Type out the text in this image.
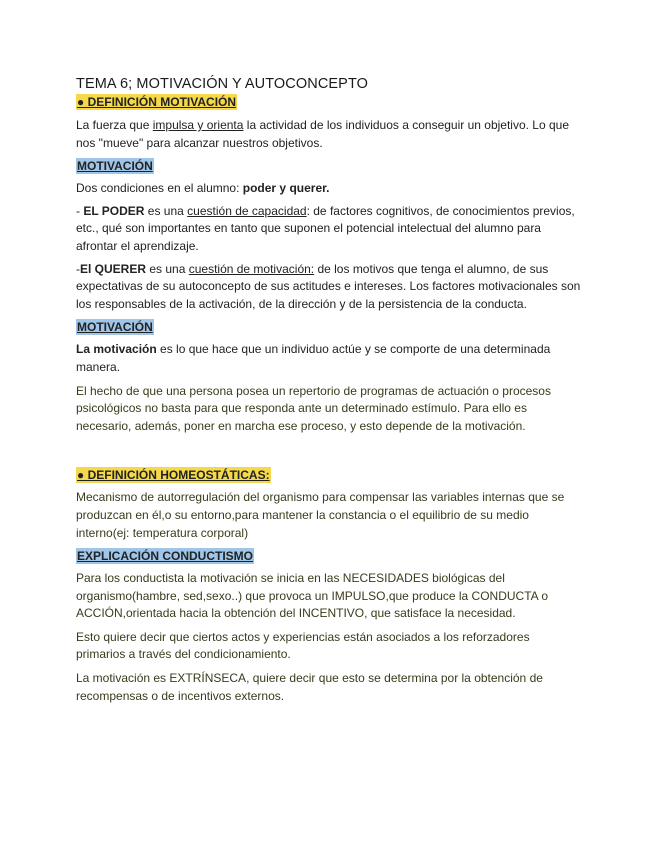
TEMA 6; MOTIVACIÓN Y AUTOCONCEPTO
● DEFINICIÓN MOTIVACIÓN

La fuerza que impulsa y orienta la actividad de los individuos a conseguir un objetivo. Lo que nos "mueve" para alcanzar nuestros objetivos.

MOTIVACIÓN

Dos condiciones en el alumno: poder y querer.

- EL PODER es una cuestión de capacidad: de factores cognitivos, de conocimientos previos, etc., qué son importantes en tanto que suponen el potencial intelectual del alumno para afrontar el aprendizaje.

-El QUERER es una cuestión de motivación: de los motivos que tenga el alumno, de sus expectativas de su autoconcepto de sus actitudes e intereses. Los factores motivacionales son los responsables de la activación, de la dirección y de la persistencia de la conducta.

MOTIVACIÓN

La motivación es lo que hace que un individuo actúe y se comporte de una determinada manera.

El hecho de que una persona posea un repertorio de programas de actuación o procesos psicológicos no basta para que responda ante un determinado estímulo. Para ello es necesario, además, poner en marcha ese proceso, y esto depende de la motivación.

● DEFINICIÓN HOMEOSTÁTICAS:

Mecanismo de autorregulación del organismo para compensar las variables internas que se produzcan en él,o su entorno,para mantener la constancia o el equilibrio de su medio interno(ej: temperatura corporal)

EXPLICACIÓN CONDUCTISMO

Para los conductista la motivación se inicia en las NECESIDADES biológicas del organismo(hambre, sed,sexo..) que provoca un IMPULSO,que produce la CONDUCTA o ACCIÓN,orientada hacia la obtención del INCENTIVO, que satisface la necesidad.

Esto quiere decir que ciertos actos y experiencias están asociados a los reforzadores primarios a través del condicionamiento.

La motivación es EXTRÍNSECA, quiere decir que esto se determina por la obtención de recompensas o de incentivos externos.
